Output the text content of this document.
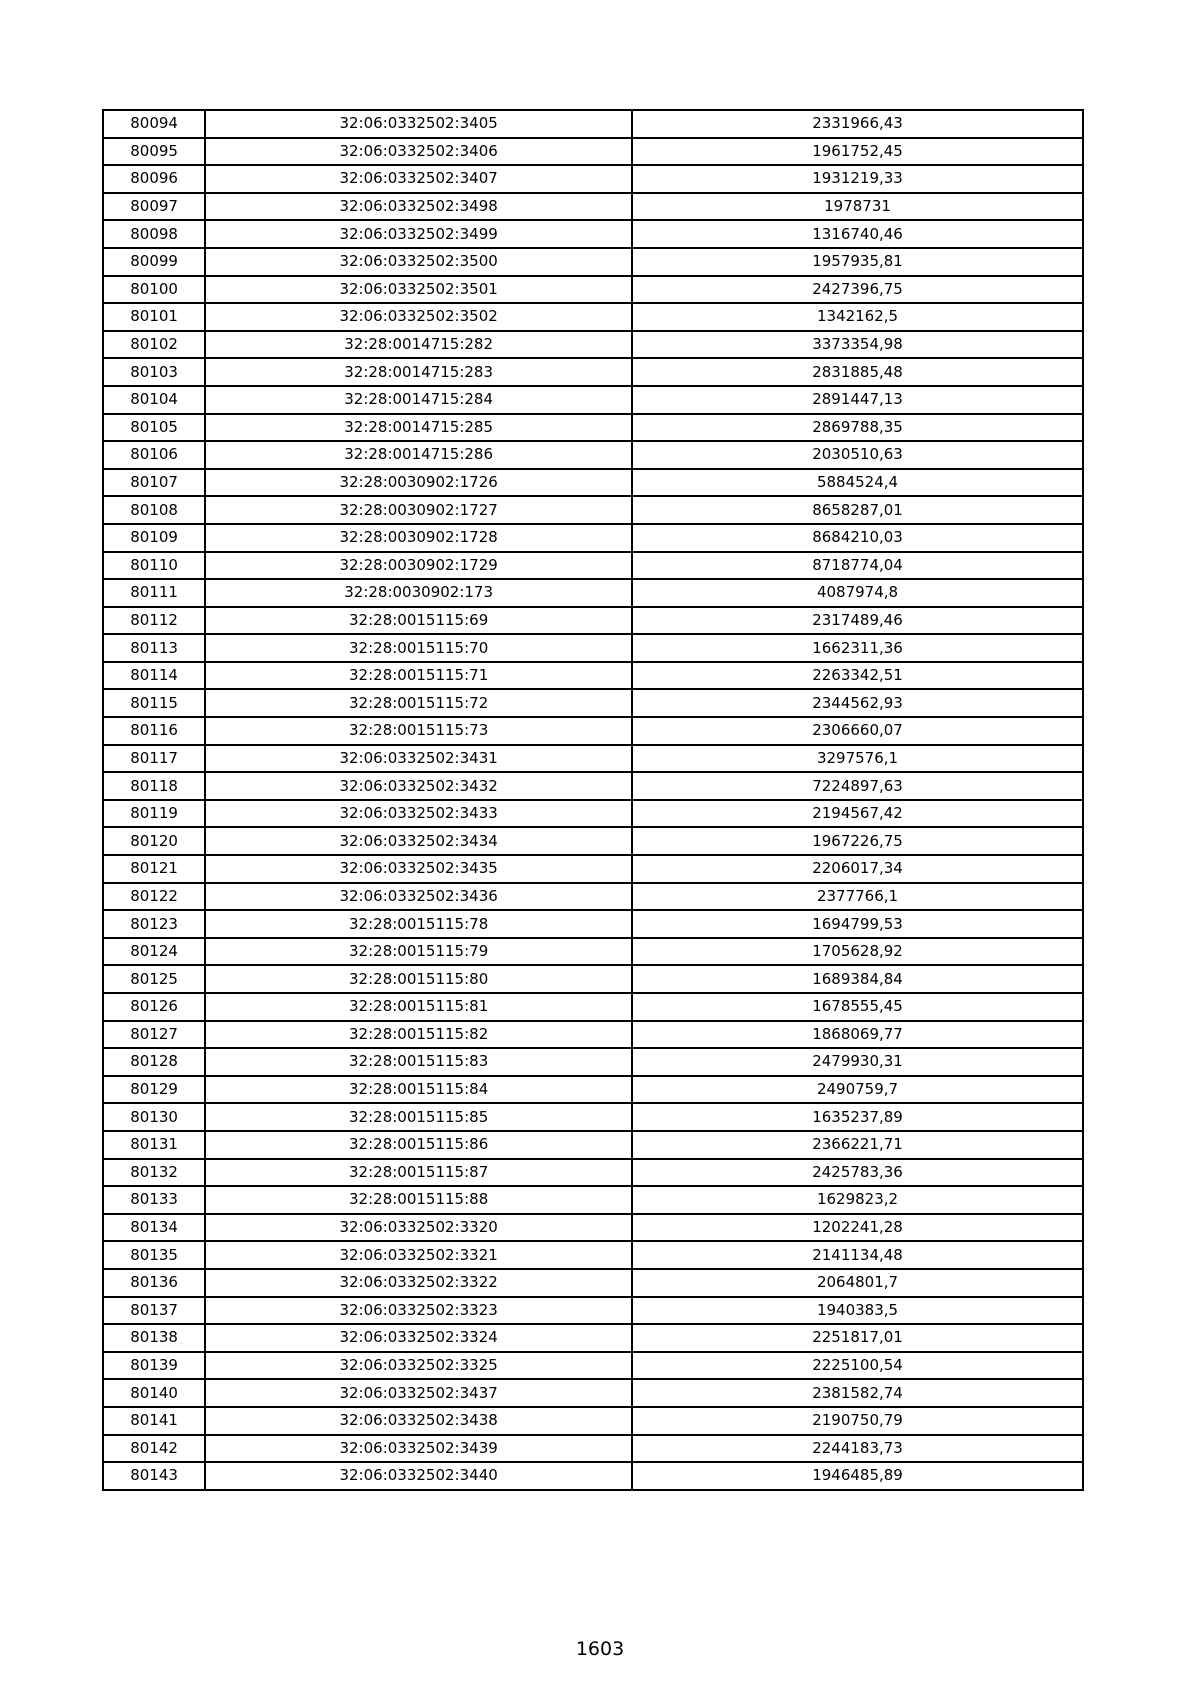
80094	32:06:0332502:3405	2331966,43
80095	32:06:0332502:3406	1961752,45
80096	32:06:0332502:3407	1931219,33
80097	32:06:0332502:3498	1978731
80098	32:06:0332502:3499	1316740,46
80099	32:06:0332502:3500	1957935,81
80100	32:06:0332502:3501	2427396,75
80101	32:06:0332502:3502	1342162,5
80102	32:28:0014715:282	3373354,98
80103	32:28:0014715:283	2831885,48
80104	32:28:0014715:284	2891447,13
80105	32:28:0014715:285	2869788,35
80106	32:28:0014715:286	2030510,63
80107	32:28:0030902:1726	5884524,4
80108	32:28:0030902:1727	8658287,01
80109	32:28:0030902:1728	8684210,03
80110	32:28:0030902:1729	8718774,04
80111	32:28:0030902:173	4087974,8
80112	32:28:0015115:69	2317489,46
80113	32:28:0015115:70	1662311,36
80114	32:28:0015115:71	2263342,51
80115	32:28:0015115:72	2344562,93
80116	32:28:0015115:73	2306660,07
80117	32:06:0332502:3431	3297576,1
80118	32:06:0332502:3432	7224897,63
80119	32:06:0332502:3433	2194567,42
80120	32:06:0332502:3434	1967226,75
80121	32:06:0332502:3435	2206017,34
80122	32:06:0332502:3436	2377766,1
80123	32:28:0015115:78	1694799,53
80124	32:28:0015115:79	1705628,92
80125	32:28:0015115:80	1689384,84
80126	32:28:0015115:81	1678555,45
80127	32:28:0015115:82	1868069,77
80128	32:28:0015115:83	2479930,31
80129	32:28:0015115:84	2490759,7
80130	32:28:0015115:85	1635237,89
80131	32:28:0015115:86	2366221,71
80132	32:28:0015115:87	2425783,36
80133	32:28:0015115:88	1629823,2
80134	32:06:0332502:3320	1202241,28
80135	32:06:0332502:3321	2141134,48
80136	32:06:0332502:3322	2064801,7
80137	32:06:0332502:3323	1940383,5
80138	32:06:0332502:3324	2251817,01
80139	32:06:0332502:3325	2225100,54
80140	32:06:0332502:3437	2381582,74
80141	32:06:0332502:3438	2190750,79
80142	32:06:0332502:3439	2244183,73
80143	32:06:0332502:3440	1946485,89
1603
